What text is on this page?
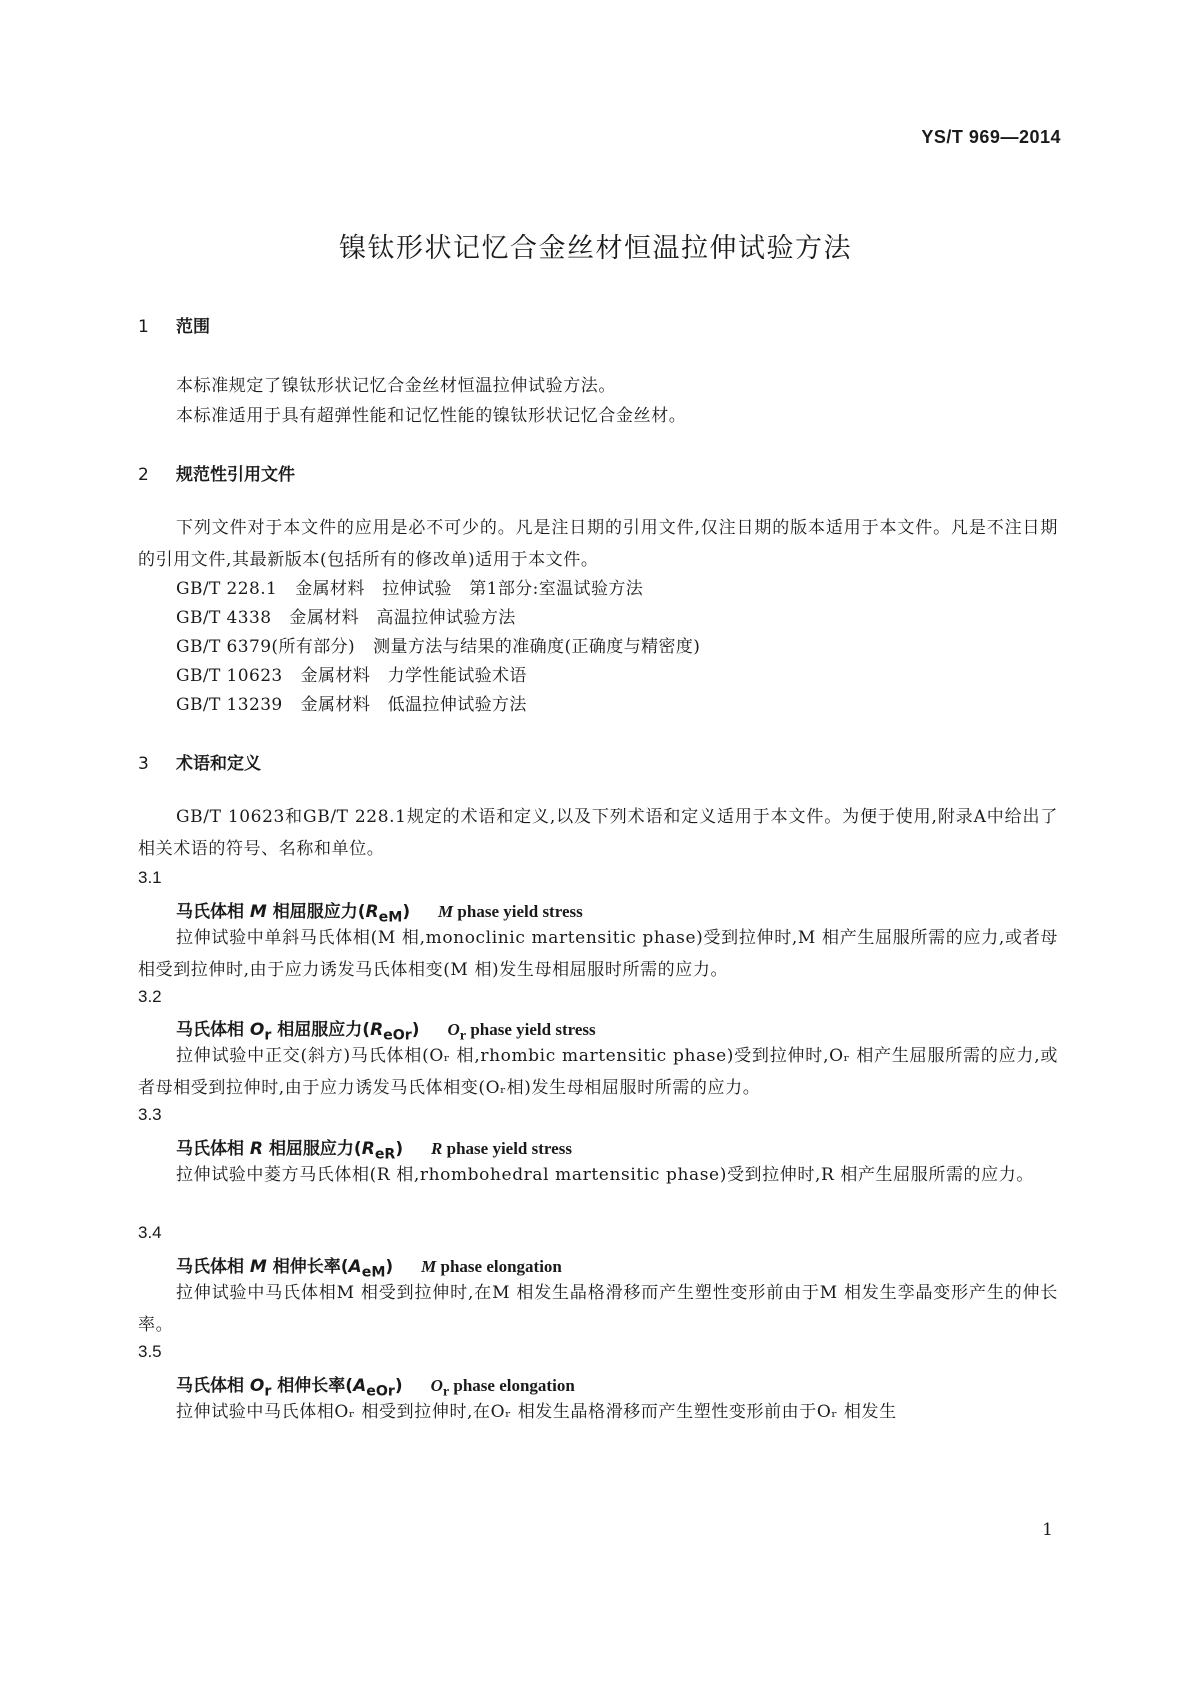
YS/T 969—2014
镍钛形状记忆合金丝材恒温拉伸试验方法
1 范围
本标准规定了镍钛形状记忆合金丝材恒温拉伸试验方法。
本标准适用于具有超弹性能和记忆性能的镍钛形状记忆合金丝材。
2 规范性引用文件
下列文件对于本文件的应用是必不可少的。凡是注日期的引用文件,仅注日期的版本适用于本文件。凡是不注日期的引用文件,其最新版本(包括所有的修改单)适用于本文件。
GB/T 228.1 金属材料　拉伸试验　第1部分:室温试验方法
GB/T 4338 金属材料　高温拉伸试验方法
GB/T 6379(所有部分) 测量方法与结果的准确度(正确度与精密度)
GB/T 10623 金属材料　力学性能试验术语
GB/T 13239 金属材料　低温拉伸试验方法
3 术语和定义
GB/T 10623和GB/T 228.1规定的术语和定义,以及下列术语和定义适用于本文件。为便于使用,附录A中给出了相关术语的符号、名称和单位。
3.1
马氏体相 M 相屈服应力$(R_{eM})$ M phase yield stress
拉伸试验中单斜马氏体相(M 相,monoclinic martensitic phase)受到拉伸时,M 相产生屈服所需的应力,或者母相受到拉伸时,由于应力诱发马氏体相变(M 相)发生母相屈服时所需的应力。
3.2
马氏体相 $O_r$ 相屈服应力$(R_{eOr})$ $O_r$ phase yield stress
拉伸试验中正交(斜方)马氏体相(Oᵣ 相,rhombic martensitic phase)受到拉伸时,Oᵣ 相产生屈服所需的应力,或者母相受到拉伸时,由于应力诱发马氏体相变(Oᵣ相)发生母相屈服时所需的应力。
3.3
马氏体相 R 相屈服应力$(R_{eR})$ R phase yield stress
拉伸试验中菱方马氏体相(R 相,rhombohedral martensitic phase)受到拉伸时,R 相产生屈服所需的应力。
3.4
马氏体相 M 相伸长率$(A_{eM})$ M phase elongation
拉伸试验中马氏体相M 相受到拉伸时,在M 相发生晶格滑移而产生塑性变形前由于M 相发生孪晶变形产生的伸长率。
3.5
马氏体相 $O_r$ 相伸长率$(A_{eOr})$ $O_r$ phase elongation
拉伸试验中马氏体相Oᵣ 相受到拉伸时,在Oᵣ 相发生晶格滑移而产生塑性变形前由于Oᵣ 相发生
1
